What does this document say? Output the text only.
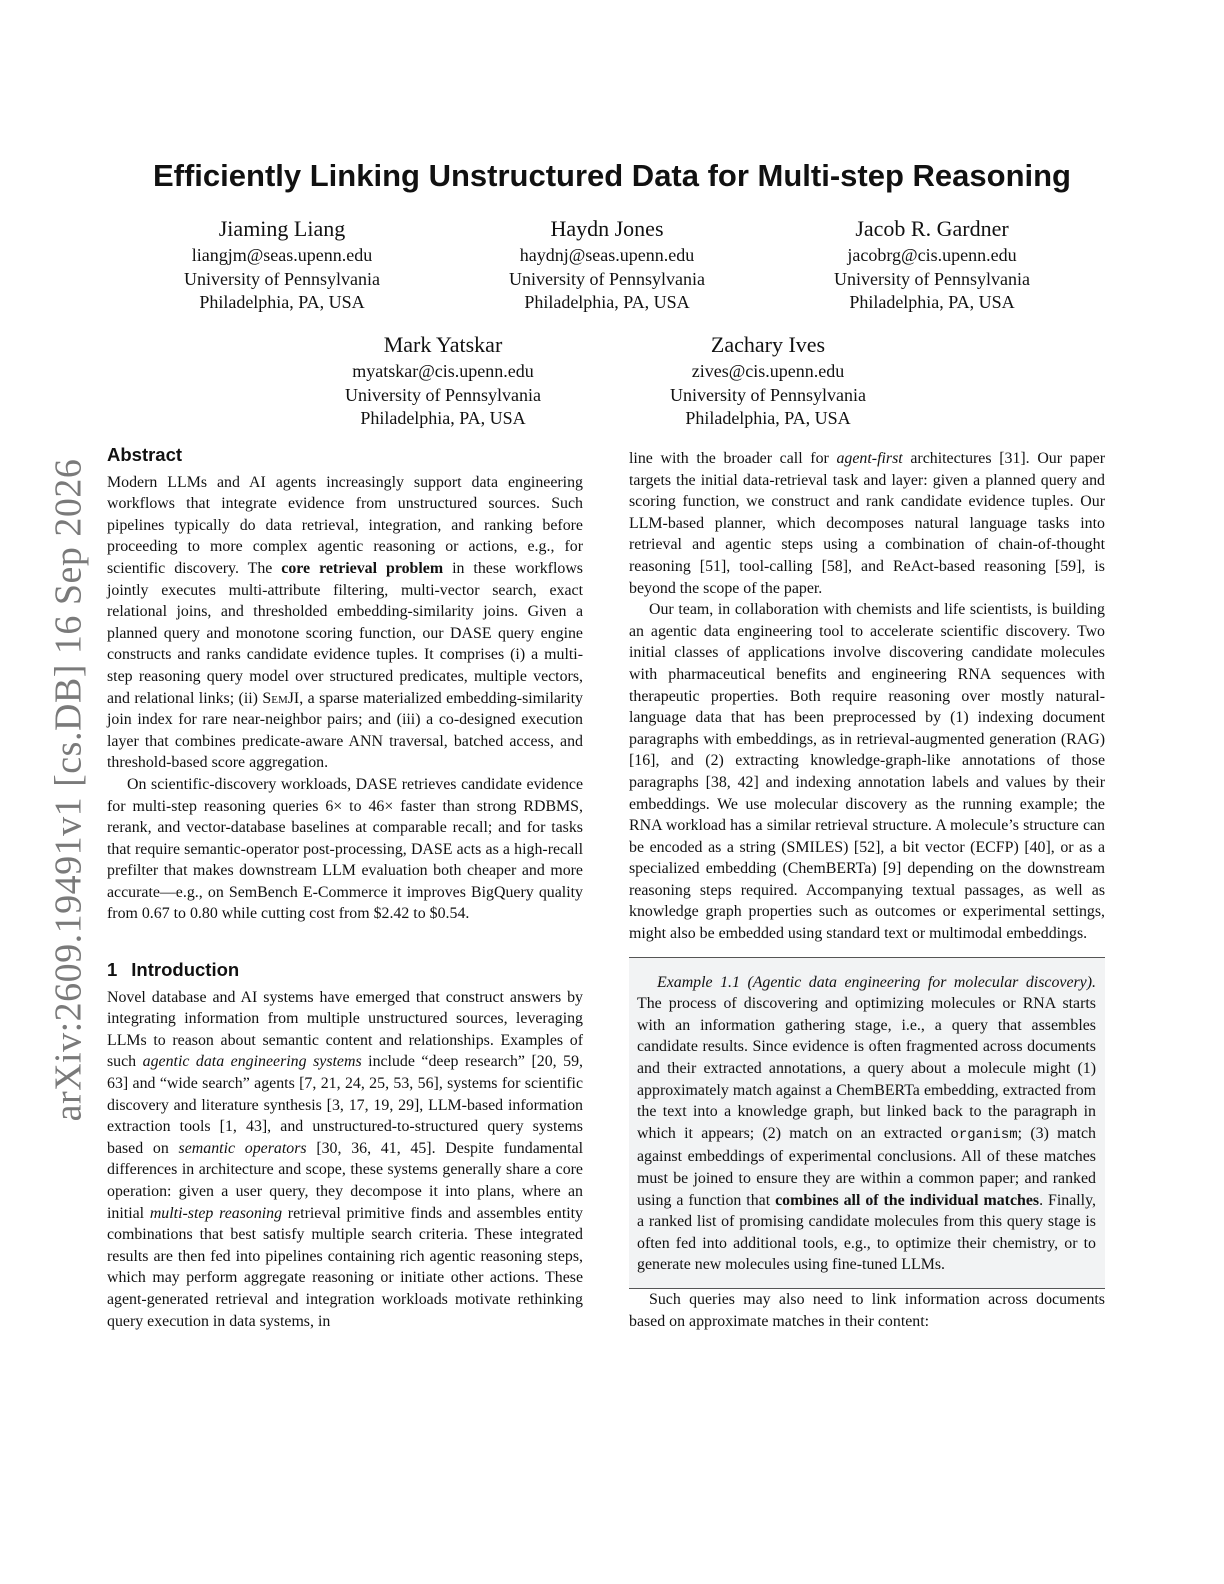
arXiv:2609.19491v1 [cs.DB] 16 Sep 2026
Efficiently Linking Unstructured Data for Multi-step Reasoning
Jiaming Liang
liangjm@seas.upenn.edu
University of Pennsylvania
Philadelphia, PA, USA
Haydn Jones
haydnj@seas.upenn.edu
University of Pennsylvania
Philadelphia, PA, USA
Jacob R. Gardner
jacobrg@cis.upenn.edu
University of Pennsylvania
Philadelphia, PA, USA
Mark Yatskar
myatskar@cis.upenn.edu
University of Pennsylvania
Philadelphia, PA, USA
Zachary Ives
zives@cis.upenn.edu
University of Pennsylvania
Philadelphia, PA, USA
Abstract

Modern LLMs and AI agents increasingly support data engineering workflows that integrate evidence from unstructured sources. Such pipelines typically do data retrieval, integration, and ranking before proceeding to more complex agentic reasoning or actions, e.g., for scientific discovery. The core retrieval problem in these workflows jointly executes multi-attribute filtering, multi-vector search, exact relational joins, and thresholded embedding-similarity joins. Given a planned query and monotone scoring function, our DASE query engine constructs and ranks candidate evidence tuples. It comprises (i) a multi-step reasoning query model over structured predicates, multiple vectors, and relational links; (ii) SemJI, a sparse materialized embedding-similarity join index for rare near-neighbor pairs; and (iii) a co-designed execution layer that combines predicate-aware ANN traversal, batched access, and threshold-based score aggregation.

On scientific-discovery workloads, DASE retrieves candidate evidence for multi-step reasoning queries 6× to 46× faster than strong RDBMS, rerank, and vector-database baselines at comparable recall; and for tasks that require semantic-operator post-processing, DASE acts as a high-recall prefilter that makes downstream LLM evaluation both cheaper and more accurate—e.g., on SemBench E-Commerce it improves BigQuery quality from 0.67 to 0.80 while cutting cost from $2.42 to $0.54.

1 Introduction

Novel database and AI systems have emerged that construct answers by integrating information from multiple unstructured sources, leveraging LLMs to reason about semantic content and relationships. Examples of such agentic data engineering systems include “deep research” [20, 59, 63] and “wide search” agents [7, 21, 24, 25, 53, 56], systems for scientific discovery and literature synthesis [3, 17, 19, 29], LLM-based information extraction tools [1, 43], and unstructured-to-structured query systems based on semantic operators [30, 36, 41, 45]. Despite fundamental differences in architecture and scope, these systems generally share a core operation: given a user query, they decompose it into plans, where an initial multi-step reasoning retrieval primitive finds and assembles entity combinations that best satisfy multiple search criteria. These integrated results are then fed into pipelines containing rich agentic reasoning steps, which may perform aggregate reasoning or initiate other actions. These agent-generated retrieval and integration workloads motivate rethinking query execution in data systems, in

line with the broader call for agent-first architectures [31]. Our paper targets the initial data-retrieval task and layer: given a planned query and scoring function, we construct and rank candidate evidence tuples. Our LLM-based planner, which decomposes natural language tasks into retrieval and agentic steps using a combination of chain-of-thought reasoning [51], tool-calling [58], and ReAct-based reasoning [59], is beyond the scope of the paper.

Our team, in collaboration with chemists and life scientists, is building an agentic data engineering tool to accelerate scientific discovery. Two initial classes of applications involve discovering candidate molecules with pharmaceutical benefits and engineering RNA sequences with therapeutic properties. Both require reasoning over mostly natural-language data that has been preprocessed by (1) indexing document paragraphs with embeddings, as in retrieval-augmented generation (RAG) [16], and (2) extracting knowledge-graph-like annotations of those paragraphs [38, 42] and indexing annotation labels and values by their embeddings. We use molecular discovery as the running example; the RNA workload has a similar retrieval structure. A molecule’s structure can be encoded as a string (SMILES) [52], a bit vector (ECFP) [40], or as a specialized embedding (ChemBERTa) [9] depending on the downstream reasoning steps required. Accompanying textual passages, as well as knowledge graph properties such as outcomes or experimental settings, might also be embedded using standard text or multimodal embeddings.

Example 1.1 (Agentic data engineering for molecular discovery). The process of discovering and optimizing molecules or RNA starts with an information gathering stage, i.e., a query that assembles candidate results. Since evidence is often fragmented across documents and their extracted annotations, a query about a molecule might (1) approximately match against a ChemBERTa embedding, extracted from the text into a knowledge graph, but linked back to the paragraph in which it appears; (2) match on an extracted organism; (3) match against embeddings of experimental conclusions. All of these matches must be joined to ensure they are within a common paper; and ranked using a function that combines all of the individual matches. Finally, a ranked list of promising candidate molecules from this query stage is often fed into additional tools, e.g., to optimize their chemistry, or to generate new molecules using fine-tuned LLMs.

Such queries may also need to link information across documents based on approximate matches in their content:
